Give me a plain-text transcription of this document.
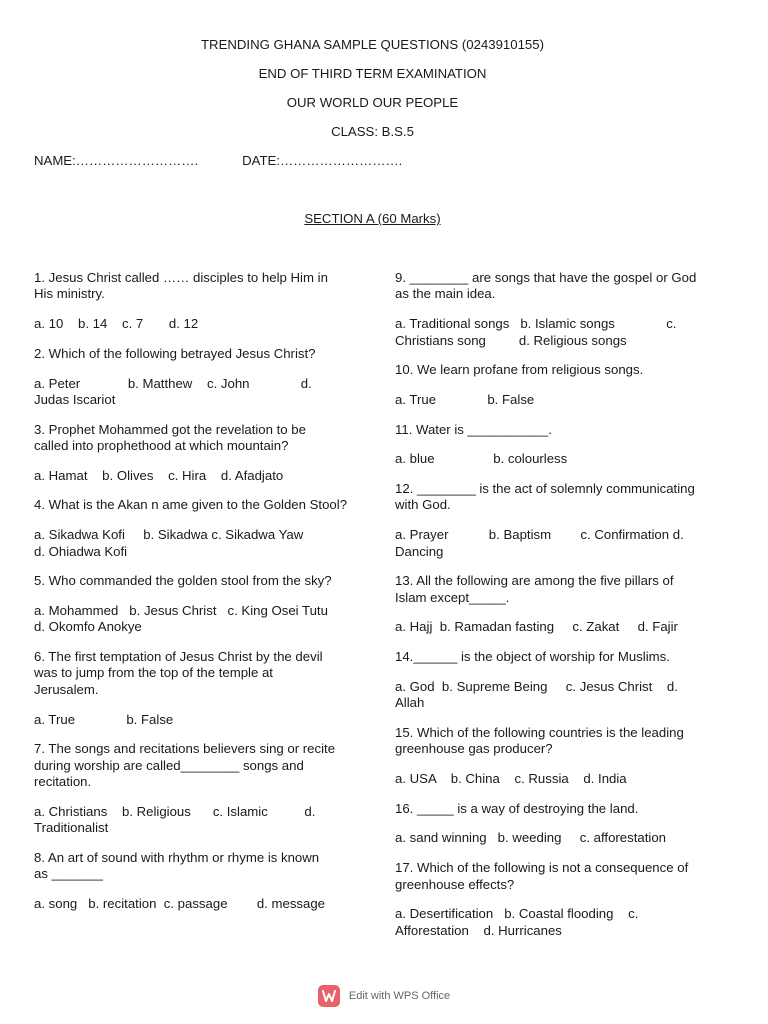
TRENDING GHANA SAMPLE QUESTIONS (0243910155)
END OF THIRD TERM EXAMINATION
OUR WORLD OUR PEOPLE
CLASS: B.S.5
NAME:……………………….	DATE:……………………….
SECTION A (60 Marks)
1. Jesus Christ called …… disciples to help Him in
His ministry.
a. 10    b. 14    c. 7       d. 12
2. Which of the following betrayed Jesus Christ?
a. Peter             b. Matthew    c. John              d.
Judas Iscariot
3. Prophet Mohammed got the revelation to be
called into prophethood at which mountain?
a. Hamat    b. Olives    c. Hira    d. Afadjato
4. What is the Akan n ame given to the Golden Stool?
a. Sikadwa Kofi     b. Sikadwa c. Sikadwa Yaw
d. Ohiadwa Kofi
5. Who commanded the golden stool from the sky?
a. Mohammed   b. Jesus Christ   c. King Osei Tutu
d. Okomfo Anokye
6. The first temptation of Jesus Christ by the devil
was to jump from the top of the temple at
Jerusalem.
a. True              b. False
7. The songs and recitations believers sing or recite
during worship are called________ songs and
recitation.
a. Christians    b. Religious      c. Islamic          d.
Traditionalist
8. An art of sound with rhythm or rhyme is known
as _______
a. song   b. recitation  c. passage        d. message
9. ________ are songs that have the gospel or God
as the main idea.
a. Traditional songs   b. Islamic songs              c.
Christians song         d. Religious songs
10. We learn profane from religious songs.
a. True              b. False
11. Water is ___________.
a. blue                b. colourless
12. ________ is the act of solemnly communicating
with God.
a. Prayer           b. Baptism        c. Confirmation d.
Dancing
13. All the following are among the five pillars of
Islam except_____.
a. Hajj  b. Ramadan fasting     c. Zakat     d. Fajir
14.______ is the object of worship for Muslims.
a. God  b. Supreme Being     c. Jesus Christ    d.
Allah
15. Which of the following countries is the leading
greenhouse gas producer?
a. USA    b. China    c. Russia    d. India
16. _____ is a way of destroying the land.
a. sand winning   b. weeding     c. afforestation
17. Which of the following is not a consequence of
greenhouse effects?
a. Desertification   b. Coastal flooding    c.
Afforestation    d. Hurricanes
Edit with WPS Office
